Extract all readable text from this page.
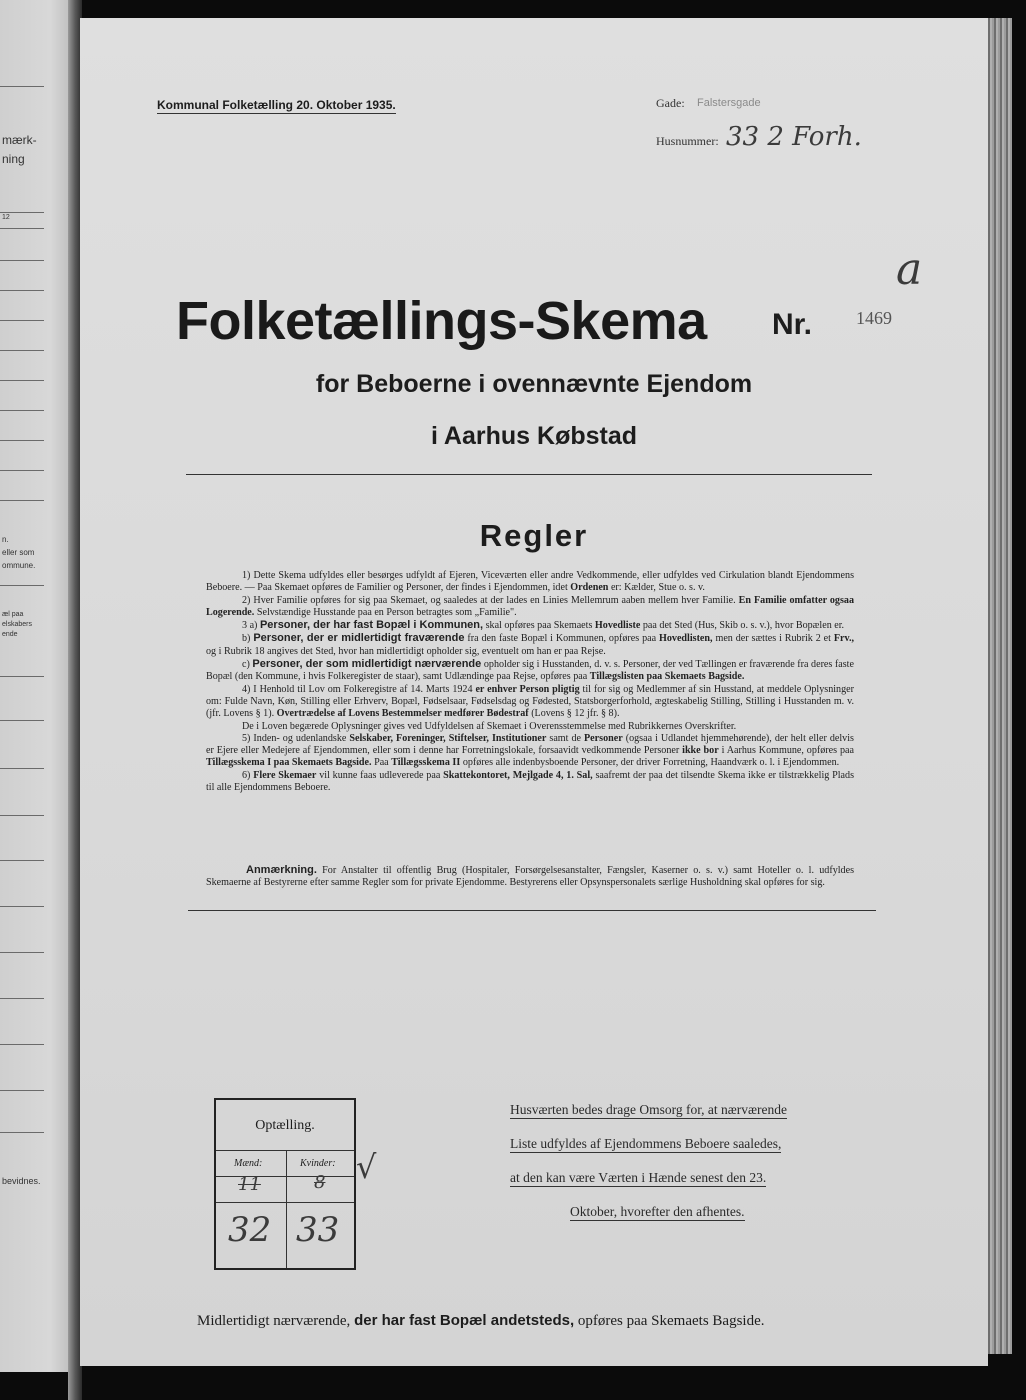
mærk-
ning
12
n.
eller som
ommune.
æl paa
elskabers
ende
bevidnes.
Kommunal Folketælling 20. Oktober 1935.	Gade: Falstersgade
Husnummer: 33 2 Forh.
a
Folketællings-Skema Nr. 1469
for Beboerne i ovennævnte Ejendom
i Aarhus Købstad
Regler

1) Dette Skema udfyldes eller besørges udfyldt af Ejeren, Viceværten eller andre Vedkommende, eller udfyldes ved Cirkulation blandt Ejendommens Beboere. — Paa Skemaet opføres de Familier og Personer, der findes i Ejendommen, idet Ordenen er: Kælder, Stue o. s. v.

2) Hver Familie opføres for sig paa Skemaet, og saaledes at der lades en Linies Mellemrum aaben mellem hver Familie. En Familie omfatter ogsaa Logerende. Selvstændige Husstande paa en Person betragtes som „Familie".

3 a) Personer, der har fast Bopæl i Kommunen, skal opføres paa Skemaets Hovedliste paa det Sted (Hus, Skib o. s. v.), hvor Bopælen er.

b) Personer, der er midlertidigt fraværende fra den faste Bopæl i Kommunen, opføres paa Hovedlisten, men der sættes i Rubrik 2 et Frv., og i Rubrik 18 angives det Sted, hvor han midlertidigt opholder sig, eventuelt om han er paa Rejse.

c) Personer, der som midlertidigt nærværende opholder sig i Husstanden, d. v. s. Personer, der ved Tællingen er fraværende fra deres faste Bopæl (den Kommune, i hvis Folkeregister de staar), samt Udlændinge paa Rejse, opføres paa Tillægslisten paa Skemaets Bagside.

4) I Henhold til Lov om Folkeregistre af 14. Marts 1924 er enhver Person pligtig til for sig og Medlemmer af sin Husstand, at meddele Oplysninger om: Fulde Navn, Køn, Stilling eller Erhverv, Bopæl, Fødselsaar, Fødselsdag og Fødested, Statsborgerforhold, ægteskabelig Stilling, Stilling i Husstanden m. v. (jfr. Lovens § 1). Overtrædelse af Lovens Bestemmelser medfører Bødestraf (Lovens § 12 jfr. § 8).

De i Loven begærede Oplysninger gives ved Udfyldelsen af Skemaet i Overensstemmelse med Rubrikkernes Overskrifter.

5) Inden- og udenlandske Selskaber, Foreninger, Stiftelser, Institutioner samt de Personer (ogsaa i Udlandet hjemmehørende), der helt eller delvis er Ejere eller Medejere af Ejendommen, eller som i denne har Forretningslokale, forsaavidt vedkommende Personer ikke bor i Aarhus Kommune, opføres paa Tillægsskema I paa Skemaets Bagside. Paa Tillægsskema II opføres alle indenbysboende Personer, der driver Forretning, Haandværk o. l. i Ejendommen.

6) Flere Skemaer vil kunne faas udleverede paa Skattekontoret, Mejlgade 4, 1. Sal, saafremt der paa det tilsendte Skema ikke er tilstrækkelig Plads til alle Ejendommens Beboere.

Anmærkning. For Anstalter til offentlig Brug (Hospitaler, Forsørgelsesanstalter, Fængsler, Kaserner o. s. v.) samt Hoteller o. l. udfyldes Skemaerne af Bestyrerne efter samme Regler som for private Ejendomme. Bestyrerens eller Opsynspersonalets særlige Husholdning skal opføres for sig.
Optælling.
Mænd:	Kvinder:
11	8
32 33
√
Husværten bedes drage Omsorg for, at nærværende
Liste udfyldes af Ejendommens Beboere saaledes,
at den kan være Værten i Hænde senest den 23.
Oktober, hvorefter den afhentes.
Midlertidigt nærværende, der har fast Bopæl andetsteds, opføres paa Skemaets Bagside.
